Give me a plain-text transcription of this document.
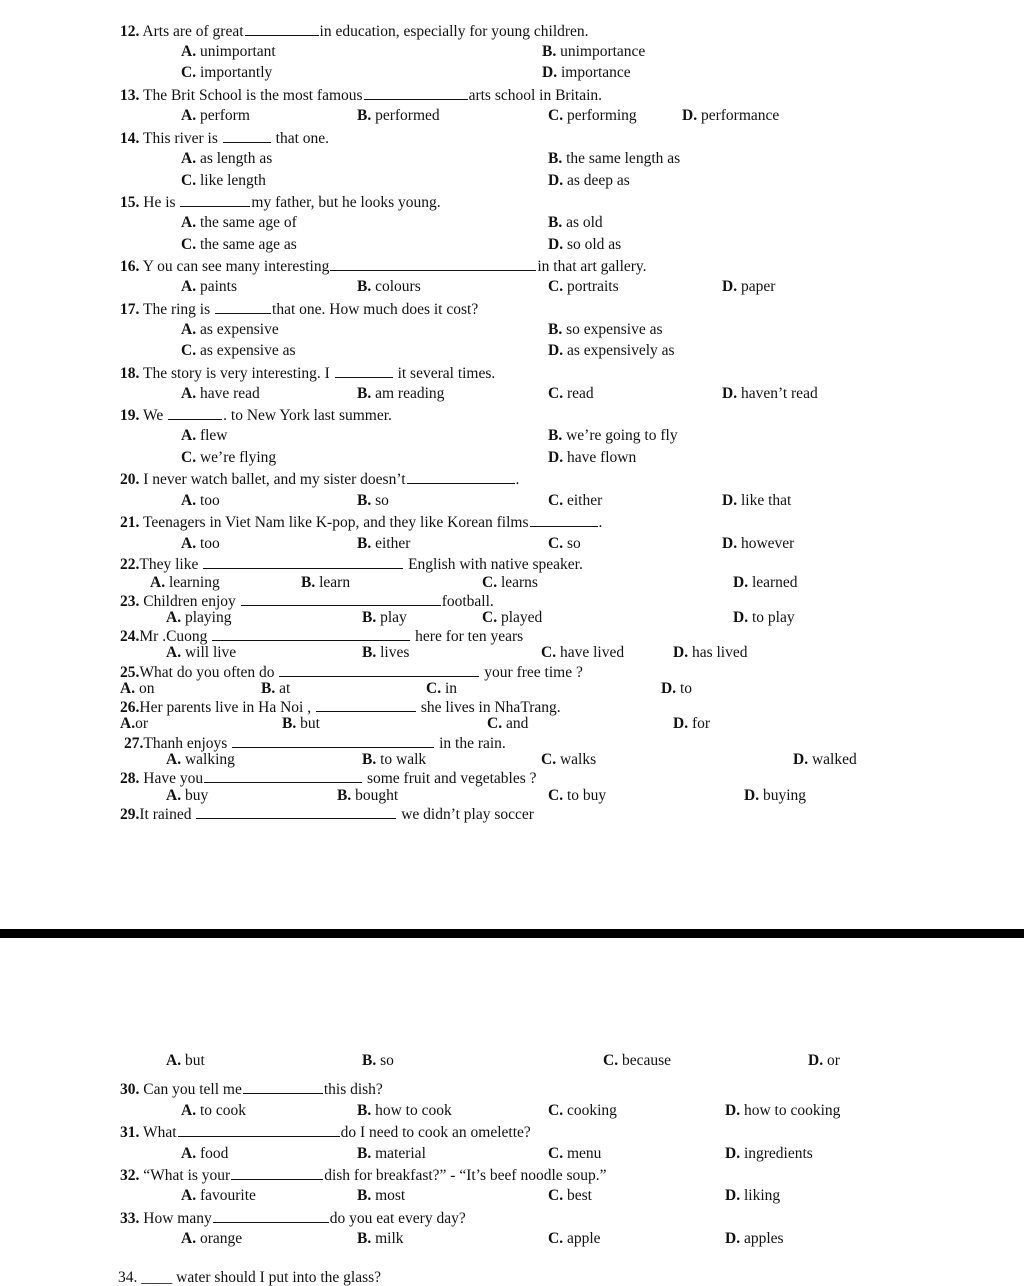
12. Arts are of great	in education, especially for young children.
A. unimportant	B. unimportance
C. importantly	D. importance
13. The Brit School is the most famous	arts school in Britain.
A. perform	B. performed	C. performing	D. performance
14. This river is	that one.
A. as length as	B. the same length as
C. like length	D. as deep as
15. He is	my father, but he looks young.
A. the same age of	B. as old
C. the same age as	D. so old as
16. Y ou can see many interesting	in that art gallery.
A. paints	B. colours	C. portraits	D. paper
17. The ring is	that one. How much does it cost?
A. as expensive	B. so expensive as
C. as expensive as	D. as expensively as
18. The story is very interesting. I	it several times.
A. have read	B. am reading	C. read	D. haven’t read
19. We	. to New York last summer.
A. flew	B. we’re going to fly
C. we’re flying	D. have flown
20. I never watch ballet, and my sister doesn’t	.
A. too	B. so	C. either	D. like that
21. Teenagers in Viet Nam like K-pop, and they like Korean films	.
A. too	B. either	C. so	D. however
22.They like	English with native speaker.
A. learning	B. learn	C. learns	D. learned
23. Children enjoy	football.
A. playing	B. play	C. played	D. to play
24.Mr .Cuong	here for ten years
A. will live	B. lives	C. have lived	D. has lived
25.What do you often do	your free time ?
A. on	B. at	C. in	D. to
26.Her parents live in Ha Noi ,	she lives in NhaTrang.
A.or	B. but	C. and	D. for
27.Thanh enjoys	in the rain.
A. walking	B. to walk	C. walks	D. walked
28. Have you	some fruit and vegetables ?
A. buy	B. bought	C. to buy	D. buying
29.It rained	we didn’t play soccer
A. but	B. so	C. because	D. or
30. Can you tell me	this dish?
A. to cook	B. how to cook	C. cooking	D. how to cooking
31. What	do I need to cook an omelette?
A. food	B. material	C. menu	D. ingredients
32. “What is your	dish for breakfast?” - “It’s beef noodle soup.”
A. favourite	B. most	C. best	D. liking
33. How many	do you eat every day?
A. orange	B. milk	C. apple	D. apples
34. ____ water should I put into the glass?
